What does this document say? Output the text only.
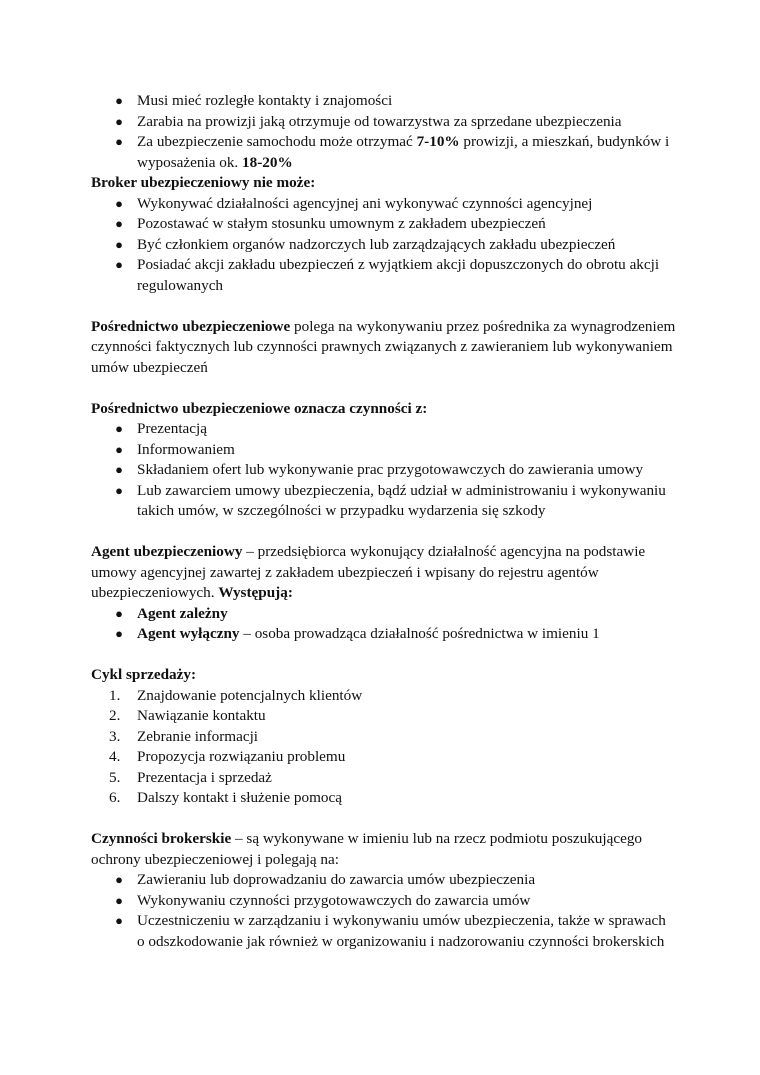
● Musi mieć rozległe kontakty i znajomości
● Zarabia na prowizji jaką otrzymuje od towarzystwa za sprzedane ubezpieczenia
● Za ubezpieczenie samochodu może otrzymać 7-10% prowizji, a mieszkań, budynków i wyposażenia ok. 18-20%

Broker ubezpieczeniowy nie może:

● Wykonywać działalności agencyjnej ani wykonywać czynności agencyjnej
● Pozostawać w stałym stosunku umownym z zakładem ubezpieczeń
● Być członkiem organów nadzorczych lub zarządzających zakładu ubezpieczeń
● Posiadać akcji zakładu ubezpieczeń z wyjątkiem akcji dopuszczonych do obrotu akcji regulowanych

Pośrednictwo ubezpieczeniowe polega na wykonywaniu przez pośrednika za wynagrodzeniem czynności faktycznych lub czynności prawnych związanych z zawieraniem lub wykonywaniem umów ubezpieczeń

Pośrednictwo ubezpieczeniowe oznacza czynności z:

● Prezentacją
● Informowaniem
● Składaniem ofert lub wykonywanie prac przygotowawczych do zawierania umowy
● Lub zawarciem umowy ubezpieczenia, bądź udział w administrowaniu i wykonywaniu takich umów, w szczególności w przypadku wydarzenia się szkody

Agent ubezpieczeniowy – przedsiębiorca wykonujący działalność agencyjna na podstawie umowy agencyjnej zawartej z zakładem ubezpieczeń i wpisany do rejestru agentów ubezpieczeniowych. Występują:

● Agent zależny
● Agent wyłączny – osoba prowadząca działalność pośrednictwa w imieniu 1

Cykl sprzedaży:

1.	Znajdowanie potencjalnych klientów
2.	Nawiązanie kontaktu
3.	Zebranie informacji
4.	Propozycja rozwiązaniu problemu
5.	Prezentacja i sprzedaż
6.	Dalszy kontakt i służenie pomocą

Czynności brokerskie – są wykonywane w imieniu lub na rzecz podmiotu poszukującego ochrony ubezpieczeniowej i polegają na:

● Zawieraniu lub doprowadzaniu do zawarcia umów ubezpieczenia
● Wykonywaniu czynności przygotowawczych do zawarcia umów
● Uczestniczeniu w zarządzaniu i wykonywaniu umów ubezpieczenia, także w sprawach o odszkodowanie jak również w organizowaniu i nadzorowaniu czynności brokerskich
